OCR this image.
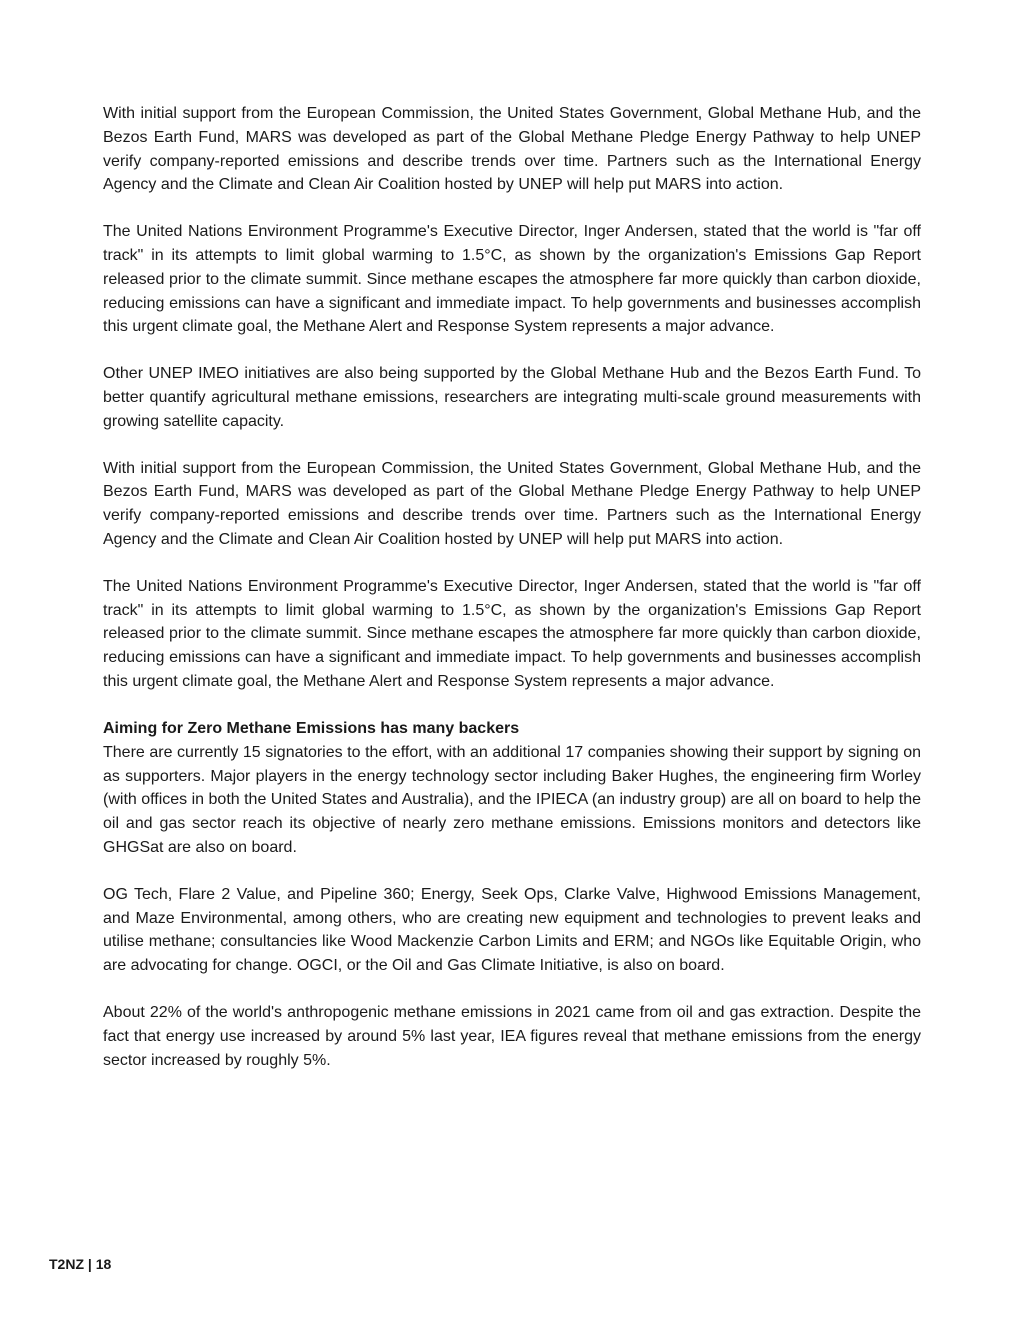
With initial support from the European Commission, the United States Government, Global Methane Hub, and the Bezos Earth Fund, MARS was developed as part of the Global Methane Pledge Energy Pathway to help UNEP verify company-reported emissions and describe trends over time. Partners such as the International Energy Agency and the Climate and Clean Air Coalition hosted by UNEP will help put MARS into action.

The United Nations Environment Programme's Executive Director, Inger Andersen, stated that the world is "far off track" in its attempts to limit global warming to 1.5°C, as shown by the organization's Emissions Gap Report released prior to the climate summit. Since methane escapes the atmosphere far more quickly than carbon dioxide, reducing emissions can have a significant and immediate impact. To help governments and businesses accomplish this urgent climate goal, the Methane Alert and Response System represents a major advance.

Other UNEP IMEO initiatives are also being supported by the Global Methane Hub and the Bezos Earth Fund. To better quantify agricultural methane emissions, researchers are integrating multi-scale ground measurements with growing satellite capacity.

With initial support from the European Commission, the United States Government, Global Methane Hub, and the Bezos Earth Fund, MARS was developed as part of the Global Methane Pledge Energy Pathway to help UNEP verify company-reported emissions and describe trends over time. Partners such as the International Energy Agency and the Climate and Clean Air Coalition hosted by UNEP will help put MARS into action.

The United Nations Environment Programme's Executive Director, Inger Andersen, stated that the world is "far off track" in its attempts to limit global warming to 1.5°C, as shown by the organization's Emissions Gap Report released prior to the climate summit. Since methane escapes the atmosphere far more quickly than carbon dioxide, reducing emissions can have a significant and immediate impact. To help governments and businesses accomplish this urgent climate goal, the Methane Alert and Response System represents a major advance.

Aiming for Zero Methane Emissions has many backers

There are currently 15 signatories to the effort, with an additional 17 companies showing their support by signing on as supporters. Major players in the energy technology sector including Baker Hughes, the engineering firm Worley (with offices in both the United States and Australia), and the IPIECA (an industry group) are all on board to help the oil and gas sector reach its objective of nearly zero methane emissions. Emissions monitors and detectors like GHGSat are also on board.

OG Tech, Flare 2 Value, and Pipeline 360; Energy, Seek Ops, Clarke Valve, Highwood Emissions Management, and Maze Environmental, among others, who are creating new equipment and technologies to prevent leaks and utilise methane; consultancies like Wood Mackenzie Carbon Limits and ERM; and NGOs like Equitable Origin, who are advocating for change. OGCI, or the Oil and Gas Climate Initiative, is also on board.

About 22% of the world's anthropogenic methane emissions in 2021 came from oil and gas extraction. Despite the fact that energy use increased by around 5% last year, IEA figures reveal that methane emissions from the energy sector increased by roughly 5%.

T2NZ | 18
